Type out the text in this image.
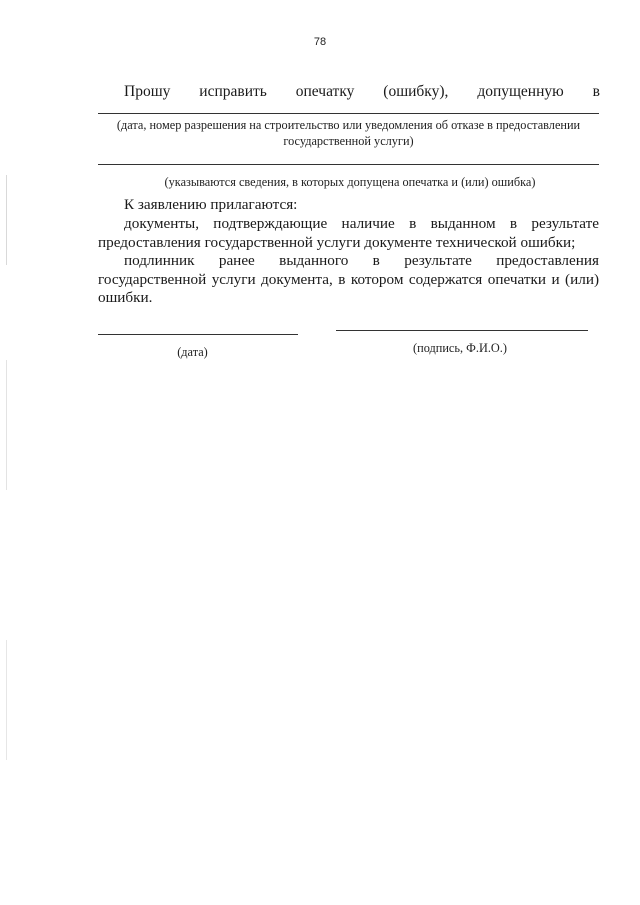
78
Прошу исправить опечатку (ошибку), допущенную в
(дата, номер разрешения на строительство или уведомления об отказе в предоставлении государственной услуги)
(указываются сведения, в которых допущена опечатка и (или) ошибка)
К заявлению прилагаются:
документы, подтверждающие наличие в выданном в результате
предоставления государственной услуги документе технической ошибки;
подлинник ранее выданного в результате предоставления
государственной услуги документа, в котором содержатся опечатки и (или) ошибки.
(дата)	(подпись, Ф.И.О.)
